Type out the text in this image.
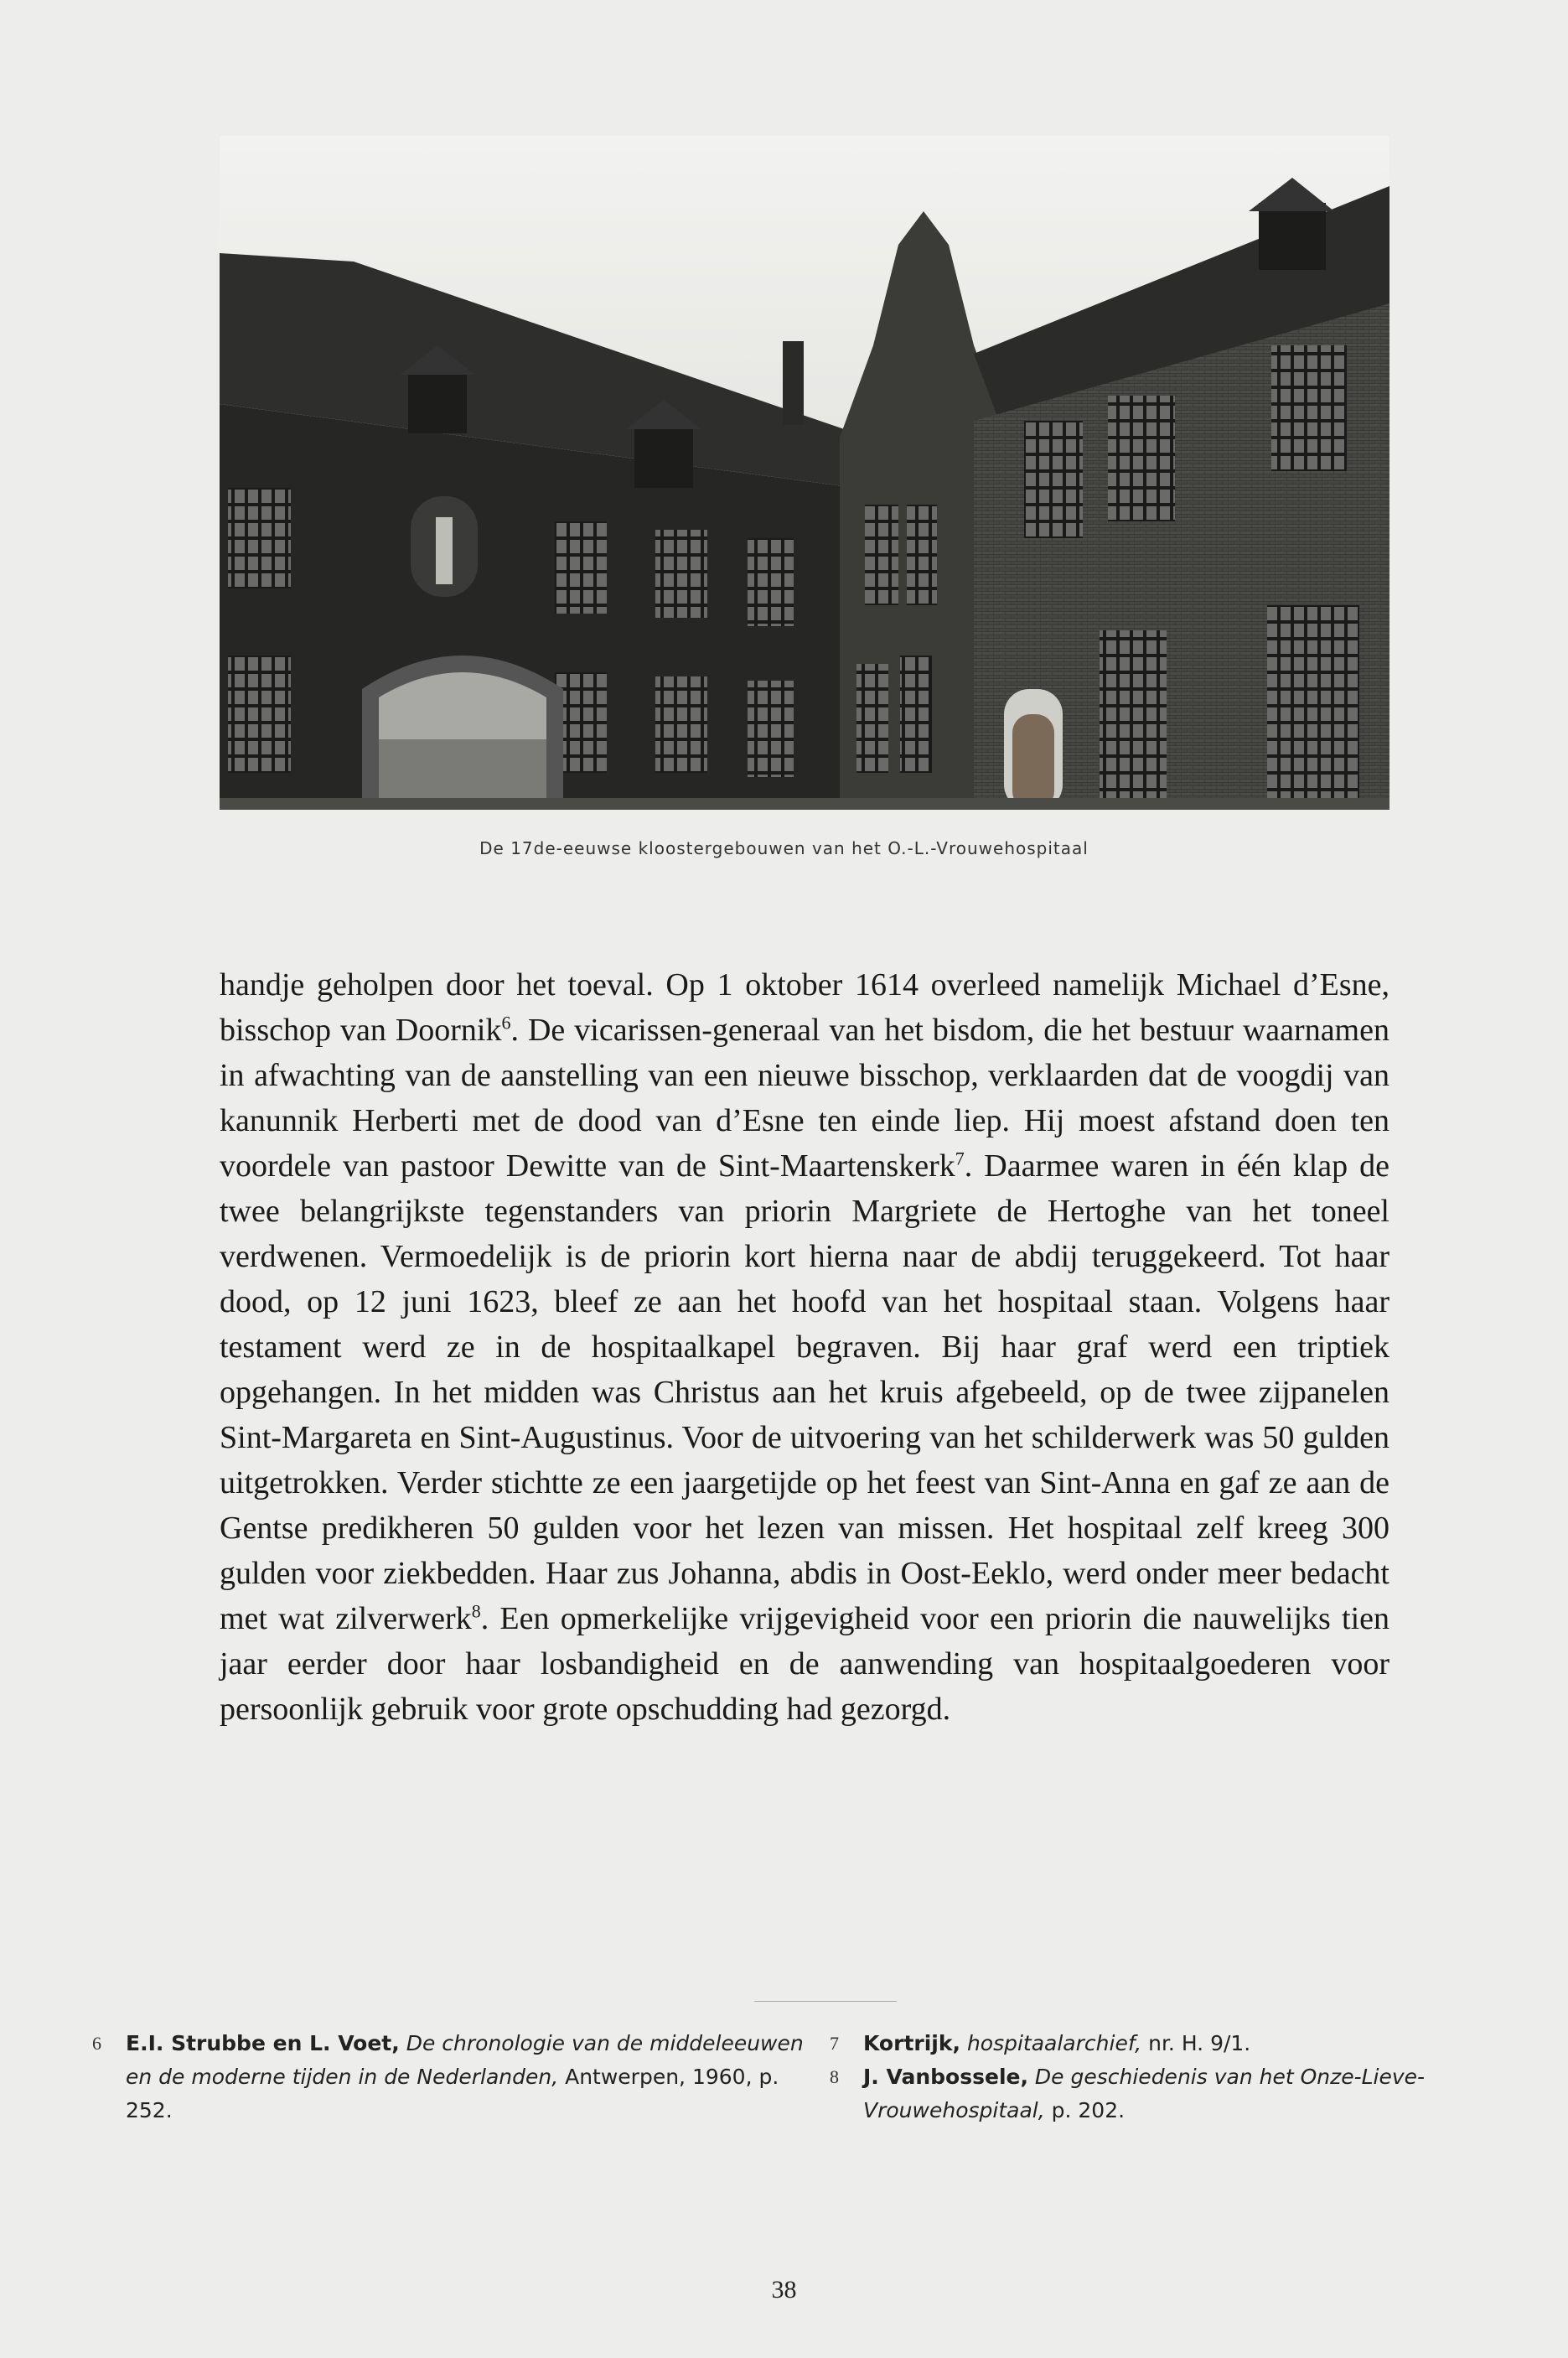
De 17de-eeuwse kloostergebouwen van het O.-L.-Vrouwehospitaal

handje geholpen door het toeval. Op 1 oktober 1614 overleed namelijk Michael d’Esne, bisschop van Doornik$^6$. De vicarissen-generaal van het bisdom, die het bestuur waarnamen in afwachting van de aanstelling van een nieuwe bisschop, verklaarden dat de voogdij van kanunnik Herberti met de dood van d’Esne ten einde liep. Hij moest afstand doen ten voordele van pastoor Dewitte van de Sint-Maartenskerk$^7$. Daarmee waren in één klap de twee belangrijkste tegenstanders van priorin Margriete de Hertoghe van het toneel verdwenen. Vermoedelijk is de priorin kort hierna naar de abdij teruggekeerd. Tot haar dood, op 12 juni 1623, bleef ze aan het hoofd van het hospitaal staan. Volgens haar testament werd ze in de hospitaalkapel begraven. Bij haar graf werd een triptiek opgehangen. In het midden was Christus aan het kruis afgebeeld, op de twee zijpanelen Sint-Margareta en Sint-Augustinus. Voor de uitvoering van het schilderwerk was 50 gulden uitgetrokken. Verder stichtte ze een jaargetijde op het feest van Sint-Anna en gaf ze aan de Gentse predikheren 50 gulden voor het lezen van missen. Het hospitaal zelf kreeg 300 gulden voor ziekbedden. Haar zus Johanna, abdis in Oost-Eeklo, werd onder meer bedacht met wat zilverwerk$^8$. Een opmerkelijke vrijgevigheid voor een priorin die nauwelijks tien jaar eerder door haar losbandigheid en de aanwending van hospitaalgoederen voor persoonlijk gebruik voor grote opschudding had gezorgd.

6 E.I. Strubbe en L. Voet, De chronologie van de middeleeuwen en de moderne tijden in de Nederlanden, Antwerpen, 1960, p. 252.
7 Kortrijk, hospitaalarchief, nr. H. 9/1.
8 J. Vanbossele, De geschiedenis van het Onze-Lieve-Vrouwehospitaal, p. 202.
38
